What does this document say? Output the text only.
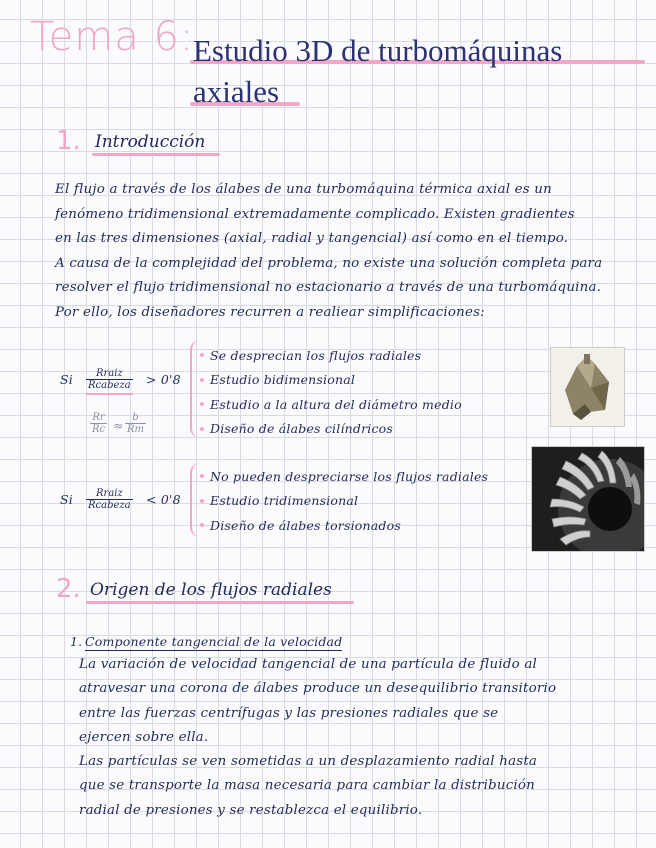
Tema 6:
Estudio 3D de turbomáquinas
axiales
1. Introducción
El flujo a través de los álabes de una turbomáquina térmica axial es un
fenómeno tridimensional extremadamente complicado. Existen gradientes
en las tres dimensiones (axial, radial y tangencial) así como en el tiempo.
A causa de la complejidad del problema, no existe una solución completa para
resolver el flujo tridimensional no estacionario a través de una turbomáquina.
Por ello, los diseñadores recurren a realiear simplificaciones:
Si	Rraiz
Rcabeza > 0'8
$\frac{Rr}{Rc} \approx \frac{b}{Rm}$
Se desprecian los flujos radiales
Estudio bidimensional
Estudio a la altura del diámetro medio
Diseño de álabes cilíndricos
Si	Rraiz
Rcabeza < 0'8
No pueden despreciarse los flujos radiales
Estudio tridimensional
Diseño de álabes torsionados
2. Origen de los flujos radiales
1. Componente tangencial de la velocidad
La variación de velocidad tangencial de una partícula de fluido al
atravesar una corona de álabes produce un desequilibrio transitorio
entre las fuerzas centrífugas y las presiones radiales que se
ejercen sobre ella.
Las partículas se ven sometidas a un desplazamiento radial hasta
que se transporte la masa necesaria para cambiar la distribución
radial de presiones y se restablezca el equilibrio.
